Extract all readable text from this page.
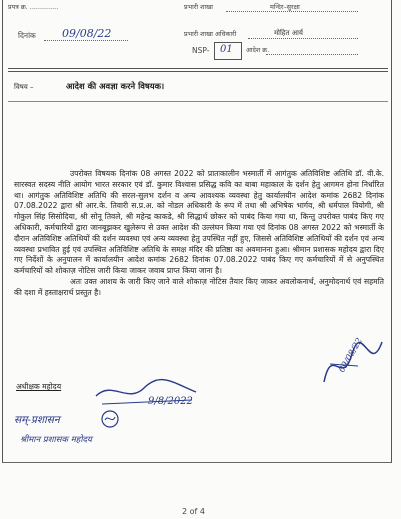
प्रपत्र क्र. ..............
दिनांक 09/08/22
प्रभारी शाखा	मन्दिर–सुरक्षा
प्रभारी शाखा अधिकारी	मोहित आर्य
NSP- 01 आदेश क्र.
विषय –	आदेश की अवज्ञा करने विषयक।

उपरोक्त विषयक दिनांक 08 अगस्त 2022 को प्रातःकालीन भस्मार्ती में आगंतुक अतिविशिष्ट अतिथि डॉ. वी.के. सारस्वत सदस्य नीति आयोग भारत सरकार एवं डॉ. कुमार विश्वास प्रसिद्ध कवि का बाबा महाकाल के दर्शन हेतु आगमन होना निर्धारित था। आगंतुक अतिविशिष्ट अतिथि की सरल-सुलभ दर्शन व अन्य आवश्यक व्यवस्था हेतु कार्यालयीन आदेश कमांक 2682 दिनांक 07.08.2022 द्वारा श्री आर.के. तिवारी स.प्र.अ. को नोडल अधिकारी के रूप में तथा श्री अभिषेक भार्गव, श्री धर्मपाल वियोगी, श्री गोकुल सिंह सिसोदिया, श्री सोनू तिवले, श्री महेन्द्र काकडे, श्री सिद्धार्थ छोकर को पाबंद किया गया था, किन्तु उपरोक्त पाबंद किए गए अधिकारी, कर्मचारियों द्वारा जानबूझकर खुलेरूप से उक्त आदेश की उल्लंघन किया गया एवं दिनांक 08 अगस्त 2022 को भस्मार्ती के दौरान अतिविशिष्ट अतिथियों की दर्शन व्यवस्था एवं अन्य व्यवस्था हेतु उपस्थित नहीं हुए, जिससे अतिविशिष्ट अतिथियों की दर्शन एवं अन्य व्यवस्था प्रभावित हुई एवं उपस्थित अतिविशिष्ट अतिथि के समक्ष मंदिर की प्रतिष्ठा का अवमानना हुआ। श्रीमान प्रशासक महोदय द्वारा दिए गए निर्देशों के अनुपालन में कार्यालयीन आदेश कमांक 2682 दिनांक 07.08.2022 पाबंद किए गए कर्मचारियों में से अनुपस्थित कर्मचारियों को शोकाज़ नोटिस जारी किया जाकर जवाब प्राप्त किया जाना है।

अतः उक्त आशय के जारी किए जाने वाले शोकाज़ नोटिस तैयार किए जाकर अवलोकनार्थ, अनुमोदनार्थ एवं सहमति की दशा में हस्ताक्षरार्थ प्रस्तुत है।

अधीक्षक महोदय
9/8/2022
सम्-प्रशासन
श्रीमान प्रशासक महोदय
09/08/22
2 of 4
